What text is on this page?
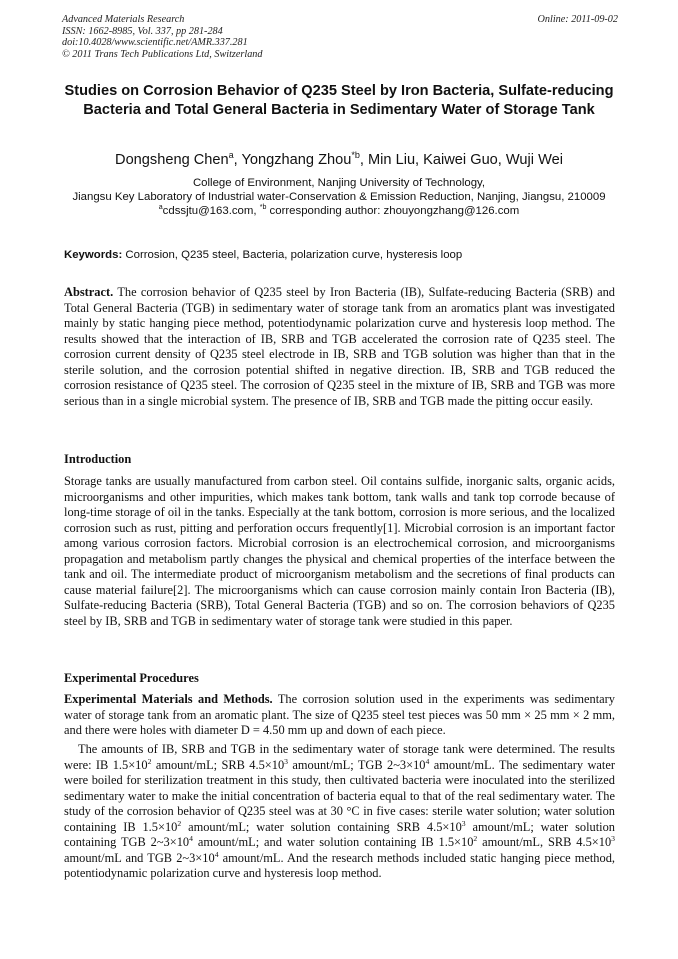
Advanced Materials Research
ISSN: 1662-8985, Vol. 337, pp 281-284
doi:10.4028/www.scientific.net/AMR.337.281
© 2011 Trans Tech Publications Ltd, Switzerland
Online: 2011-09-02
Studies on Corrosion Behavior of Q235 Steel by Iron Bacteria, Sulfate-reducing Bacteria and Total General Bacteria in Sedimentary Water of Storage Tank
Dongsheng Chen$^a$, Yongzhang Zhou$^{*b}$, Min Liu, Kaiwei Guo, Wuji Wei
College of Environment, Nanjing University of Technology,
Jiangsu Key Laboratory of Industrial water-Conservation & Emission Reduction, Nanjing, Jiangsu, 210009
$^a$cdssjtu@163.com, $^{*b}$ corresponding author: zhouyongzhang@126.com
Keywords: Corrosion, Q235 steel, Bacteria, polarization curve, hysteresis loop
Abstract. The corrosion behavior of Q235 steel by Iron Bacteria (IB), Sulfate-reducing Bacteria (SRB) and Total General Bacteria (TGB) in sedimentary water of storage tank from an aromatics plant was investigated mainly by static hanging piece method, potentiodynamic polarization curve and hysteresis loop method. The results showed that the interaction of IB, SRB and TGB accelerated the corrosion rate of Q235 steel. The corrosion current density of Q235 steel electrode in IB, SRB and TGB solution was higher than that in the sterile solution, and the corrosion potential shifted in negative direction. IB, SRB and TGB reduced the corrosion resistance of Q235 steel. The corrosion of Q235 steel in the mixture of IB, SRB and TGB was more serious than in a single microbial system. The presence of IB, SRB and TGB made the pitting occur easily.
Introduction
Storage tanks are usually manufactured from carbon steel. Oil contains sulfide, inorganic salts, organic acids, microorganisms and other impurities, which makes tank bottom, tank walls and tank top corrode because of long-time storage of oil in the tanks. Especially at the tank bottom, corrosion is more serious, and the localized corrosion such as rust, pitting and perforation occurs frequently[1]. Microbial corrosion is an important factor among various corrosion factors. Microbial corrosion is an electrochemical corrosion, and microorganisms propagation and metabolism partly changes the physical and chemical properties of the interface between the tank and oil. The intermediate product of microorganism metabolism and the secretions of final products can cause material failure[2]. The microorganisms which can cause corrosion mainly contain Iron Bacteria (IB), Sulfate-reducing Bacteria (SRB), Total General Bacteria (TGB) and so on. The corrosion behaviors of Q235 steel by IB, SRB and TGB in sedimentary water of storage tank were studied in this paper.
Experimental Procedures
Experimental Materials and Methods. The corrosion solution used in the experiments was sedimentary water of storage tank from an aromatic plant. The size of Q235 steel test pieces was 50 mm × 25 mm × 2 mm, and there were holes with diameter D = 4.50 mm up and down of each piece.
The amounts of IB, SRB and TGB in the sedimentary water of storage tank were determined. The results were: IB $1.5\times 10^2$ amount/mL; SRB $4.5\times 10^3$ amount/mL; TGB $2\sim 3\times 10^4$ amount/mL. The sedimentary water were boiled for sterilization treatment in this study, then cultivated bacteria were inoculated into the sterilized sedimentary water to make the initial concentration of bacteria equal to that of the real sedimentary water. The study of the corrosion behavior of Q235 steel was at 30 °C in five cases: sterile water solution; water solution containing IB $1.5\times 10^2$ amount/mL; water solution containing SRB $4.5\times 10^3$ amount/mL; water solution containing TGB $2\sim 3\times 10^4$ amount/mL; and water solution containing IB $1.5\times 10^2$ amount/mL, SRB $4.5\times 10^3$ amount/mL and TGB $2\sim 3\times 10^4$ amount/mL. And the research methods included static hanging piece method, potentiodynamic polarization curve and hysteresis loop method.
